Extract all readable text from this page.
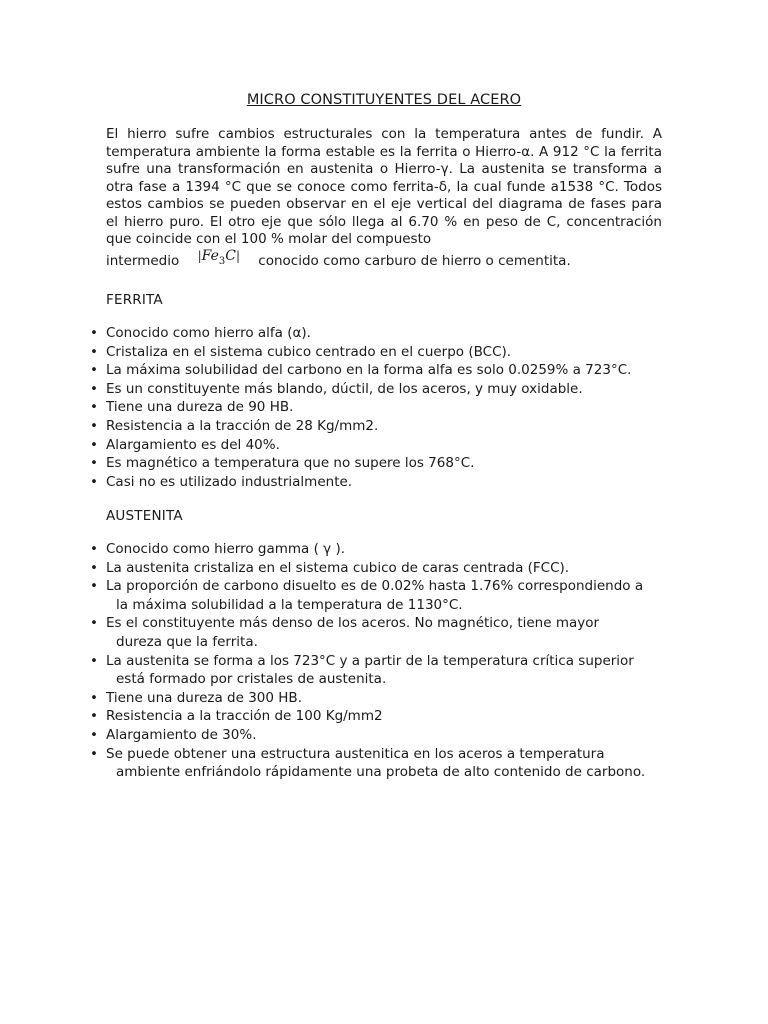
MICRO CONSTITUYENTES DEL ACERO
El hierro sufre cambios estructurales con la temperatura antes de fundir. A temperatura ambiente la forma estable es la ferrita o Hierro-α. A 912 °C la ferrita sufre una transformación en austenita o Hierro-γ. La austenita se transforma a otra fase a 1394 °C que se conoce como ferrita-δ, la cual funde a1538 °C. Todos estos cambios se pueden observar en el eje vertical del diagrama de fases para el hierro puro. El otro eje que sólo llega al 6.70 % en peso de C, concentración que coincide con el 100 % molar del compuesto
intermedio $|Fe_3C|$ conocido como carburo de hierro o cementita.
FERRITA
• Conocido como hierro alfa (α).
• Cristaliza en el sistema cubico centrado en el cuerpo (BCC).
• La máxima solubilidad del carbono en la forma alfa es solo 0.0259% a 723°C.
• Es un constituyente más blando, dúctil, de los aceros, y muy oxidable.
• Tiene una dureza de 90 HB.
• Resistencia a la tracción de 28 Kg/mm2.
• Alargamiento es del 40%.
• Es magnético a temperatura que no supere los 768°C.
• Casi no es utilizado industrialmente.
AUSTENITA
• Conocido como hierro gamma ( γ ).
• La austenita cristaliza en el sistema cubico de caras centrada (FCC).
• La proporción de carbono disuelto es de 0.02% hasta 1.76% correspondiendo a
la máxima solubilidad a la temperatura de 1130°C.
• Es el constituyente más denso de los aceros. No magnético, tiene mayor
dureza que la ferrita.
• La austenita se forma a los 723°C y a partir de la temperatura crítica superior
está formado por cristales de austenita.
• Tiene una dureza de 300 HB.
• Resistencia a la tracción de 100 Kg/mm2
• Alargamiento de 30%.
• Se puede obtener una estructura austenitica en los aceros a temperatura
ambiente enfriándolo rápidamente una probeta de alto contenido de carbono.
